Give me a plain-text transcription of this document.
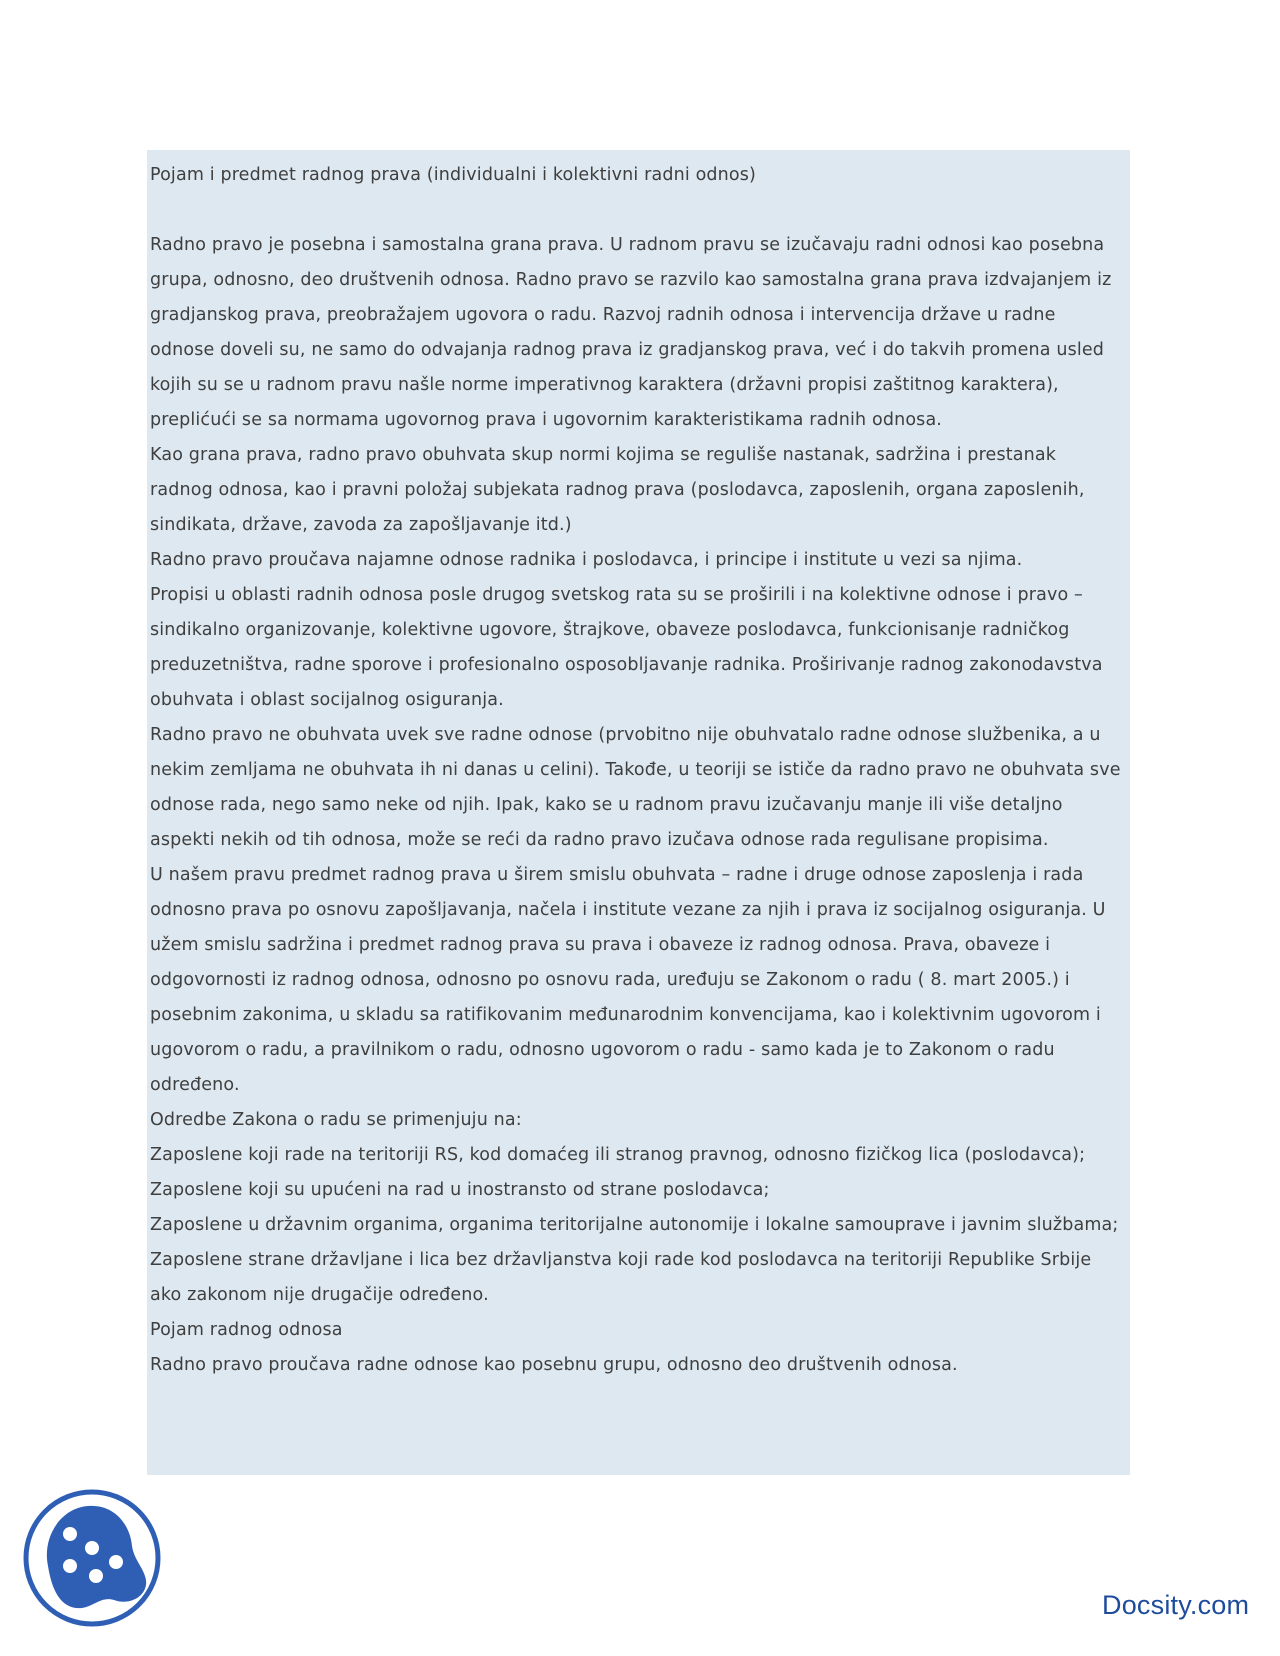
Pojam i predmet radnog prava (individualni i kolektivni radni odnos)

Radno pravo je posebna i samostalna grana prava. U radnom pravu se izučavaju radni odnosi kao posebna grupa, odnosno, deo društvenih odnosa. Radno pravo se razvilo kao samostalna grana prava izdvajanjem iz gradjanskog prava, preobražajem ugovora o radu. Razvoj radnih odnosa i intervencija države u radne odnose doveli su, ne samo do odvajanja radnog prava iz gradjanskog prava, već i do takvih promena usled kojih su se u radnom pravu našle norme imperativnog karaktera (državni propisi zaštitnog karaktera), preplićući se sa normama ugovornog prava i ugovornim karakteristikama radnih odnosa.

Kao grana prava, radno pravo obuhvata skup normi kojima se reguliše nastanak, sadržina i prestanak radnog odnosa, kao i pravni položaj subjekata radnog prava (poslodavca, zaposlenih, organa zaposlenih, sindikata, države, zavoda za zapošljavanje itd.)

Radno pravo proučava najamne odnose radnika i poslodavca, i principe i institute u vezi sa njima.

Propisi u oblasti radnih odnosa posle drugog svetskog rata su se proširili i na kolektivne odnose i pravo – sindikalno organizovanje, kolektivne ugovore, štrajkove, obaveze poslodavca, funkcionisanje radničkog preduzetništva, radne sporove i profesionalno osposobljavanje radnika. Proširivanje radnog zakonodavstva obuhvata i oblast socijalnog osiguranja.

Radno pravo ne obuhvata uvek sve radne odnose (prvobitno nije obuhvatalo radne odnose službenika, a u nekim zemljama ne obuhvata ih ni danas u celini). Takođe, u teoriji se ističe da radno pravo ne obuhvata sve odnose rada, nego samo neke od njih. Ipak, kako se u radnom pravu izučavanju manje ili više detaljno aspekti nekih od tih odnosa, može se reći da radno pravo izučava odnose rada regulisane propisima.

U našem pravu predmet radnog prava u širem smislu obuhvata – radne i druge odnose zaposlenja i rada odnosno prava po osnovu zapošljavanja, načela i institute vezane za njih i prava iz socijalnog osiguranja. U užem smislu sadržina i predmet radnog prava su prava i obaveze iz radnog odnosa. Prava, obaveze i odgovornosti iz radnog odnosa, odnosno po osnovu rada, uređuju se Zakonom o radu ( 8. mart 2005.) i posebnim zakonima, u skladu sa ratifikovanim međunarodnim konvencijama, kao i kolektivnim ugovorom i ugovorom o radu, a pravilnikom o radu, odnosno ugovorom o radu - samo kada je to Zakonom o radu određeno.

Odredbe Zakona o radu se primenjuju na:

Zaposlene koji rade na teritoriji RS, kod domaćeg ili stranog pravnog, odnosno fizičkog lica (poslodavca); Zaposlene koji su upućeni na rad u inostransto od strane poslodavca;

Zaposlene u državnim organima, organima teritorijalne autonomije i lokalne samouprave i javnim službama;

Zaposlene strane državljane i lica bez državljanstva koji rade kod poslodavca na teritoriji Republike Srbije ako zakonom nije drugačije određeno.

Pojam radnog odnosa

Radno pravo proučava radne odnose kao posebnu grupu, odnosno deo društvenih odnosa.

Docsity.com
